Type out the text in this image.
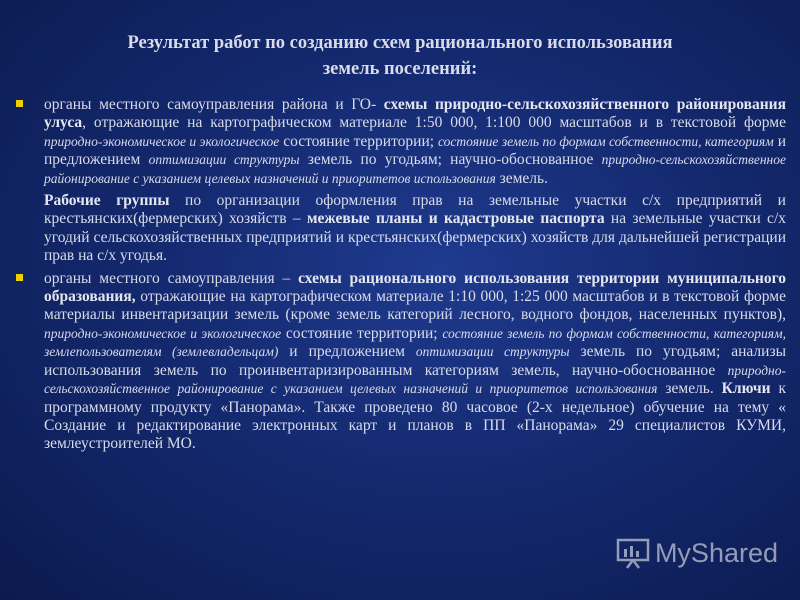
Результат работ по созданию схем рационального использования
земель поселений:
органы местного самоуправления района и ГО- схемы природно-сельскохозяйственного районирования улуса, отражающие на картографическом материале 1:50 000, 1:100 000 масштабов и в текстовой форме природно-экономическое и экологическое состояние территории; состояние земель по формам собственности, категориям и предложением оптимизации структуры земель по угодьям; научно-обоснованное природно-сельскохозяйственное районирование с указанием целевых назначений и приоритетов использования земель.
Рабочие группы по организации оформления прав на земельные участки с/х предприятий и крестьянских(фермерских) хозяйств – межевые планы и кадастровые паспорта на земельные участки с/х угодий сельскохозяйственных предприятий и крестьянских(фермерских) хозяйств для дальнейшей регистрации прав на с/х угодья.
органы местного самоуправления – схемы рационального использования территории муниципального образования, отражающие на картографическом материале 1:10 000, 1:25 000 масштабов и в текстовой форме материалы инвентаризации земель (кроме земель категорий лесного, водного фондов, населенных пунктов), природно-экономическое и экологическое состояние территории; состояние земель по формам собственности, категориям, землепользователям (землевладельцам) и предложением оптимизации структуры земель по угодьям; анализы использования земель по проинвентаризированным категориям земель, научно-обоснованное природно-сельскохозяйственное районирование с указанием целевых назначений и приоритетов использования земель. Ключи к программному продукту «Панорама». Также проведено 80 часовое (2-х недельное) обучение на тему « Создание и редактирование электронных карт и планов в ПП «Панорама» 29 специалистов КУМИ, землеустроителей МО.
MyShared
